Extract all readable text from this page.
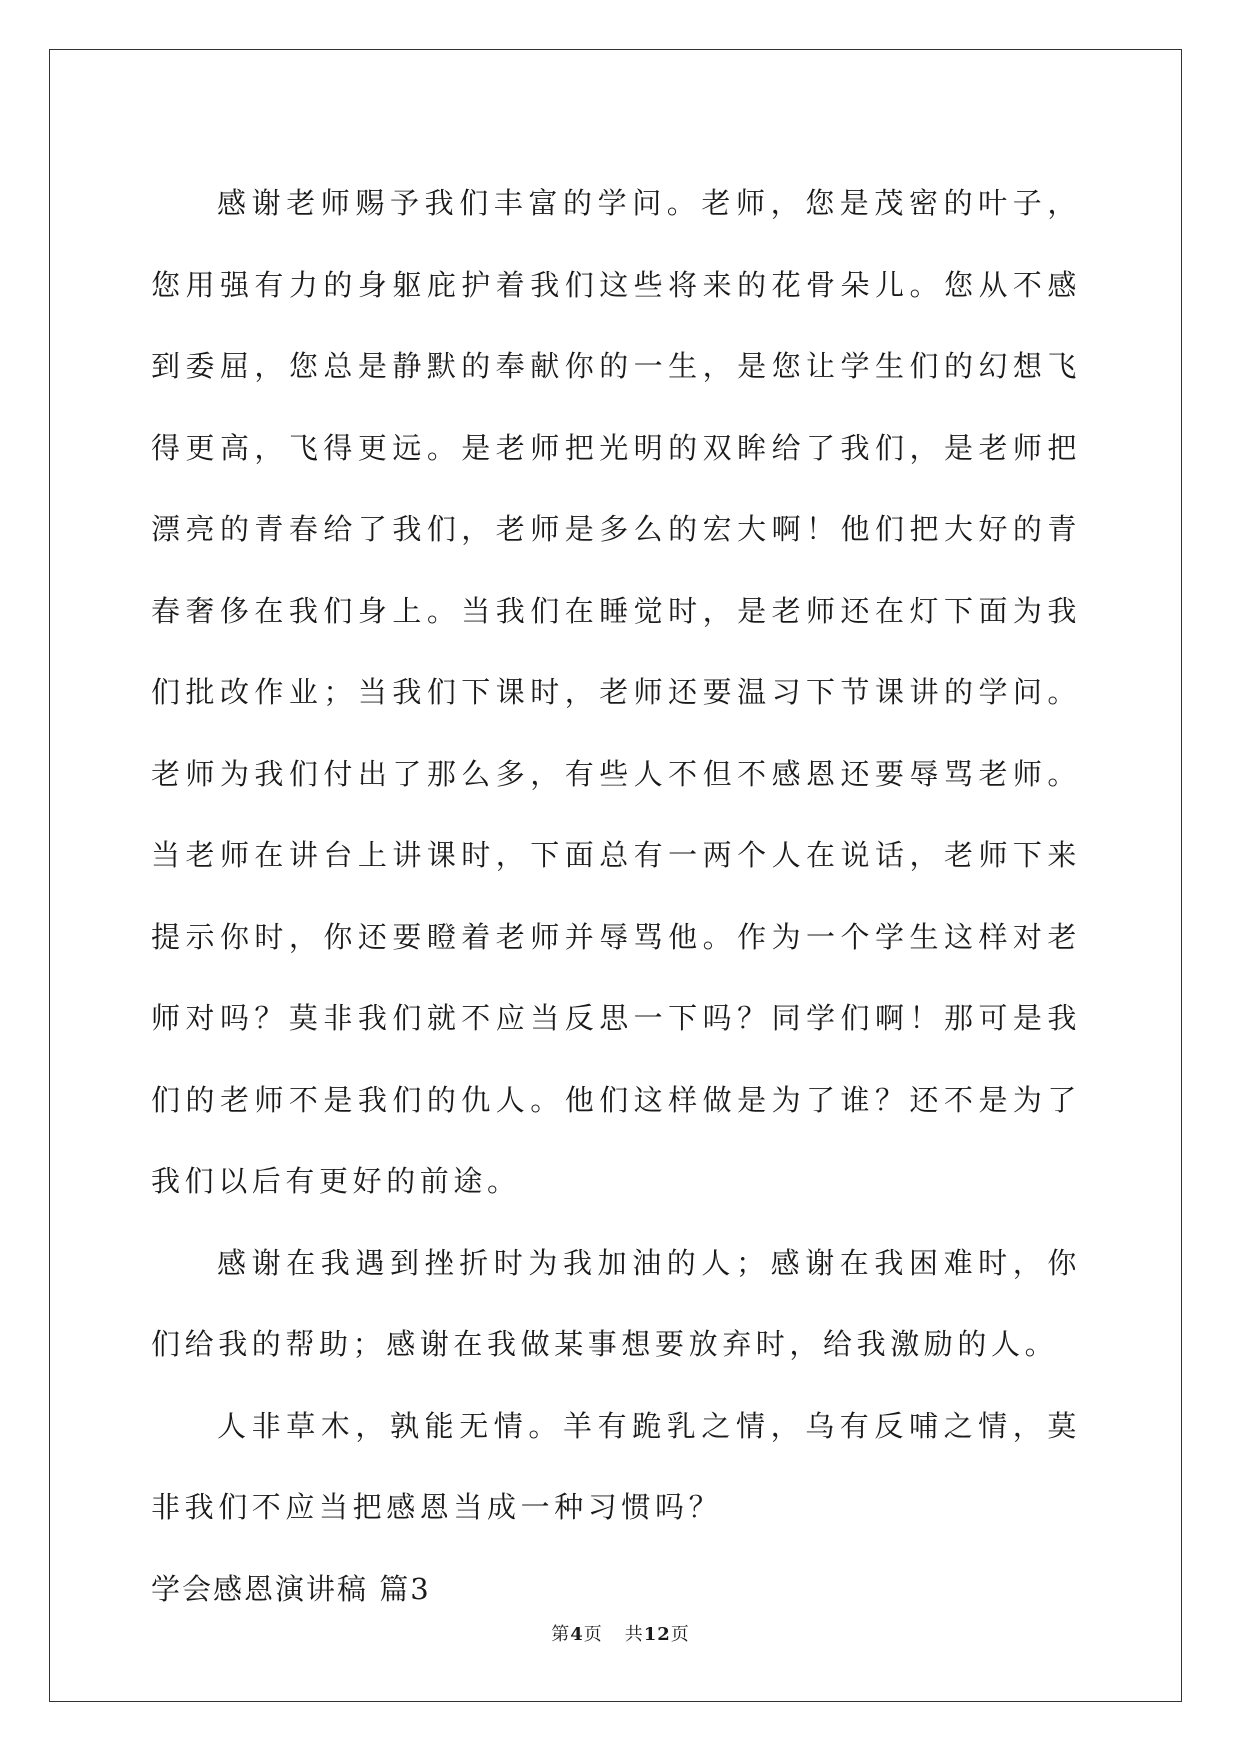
感谢老师赐予我们丰富的学问。老师，您是茂密的叶子，您用强有力的身躯庇护着我们这些将来的花骨朵儿。您从不感到委屈，您总是静默的奉献你的一生，是您让学生们的幻想飞得更高，飞得更远。是老师把光明的双眸给了我们，是老师把漂亮的青春给了我们，老师是多么的宏大啊！他们把大好的青春奢侈在我们身上。当我们在睡觉时，是老师还在灯下面为我们批改作业；当我们下课时，老师还要温习下节课讲的学问。老师为我们付出了那么多，有些人不但不感恩还要辱骂老师。当老师在讲台上讲课时，下面总有一两个人在说话，老师下来提示你时，你还要瞪着老师并辱骂他。作为一个学生这样对老师对吗？莫非我们就不应当反思一下吗？同学们啊！那可是我们的老师不是我们的仇人。他们这样做是为了谁？还不是为了我们以后有更好的前途。

感谢在我遇到挫折时为我加油的人；感谢在我困难时，你们给我的帮助；感谢在我做某事想要放弃时，给我激励的人。

人非草木，孰能无情。羊有跪乳之情，乌有反哺之情，莫非我们不应当把感恩当成一种习惯吗？

学会感恩演讲稿 篇3

第4页 共12页
